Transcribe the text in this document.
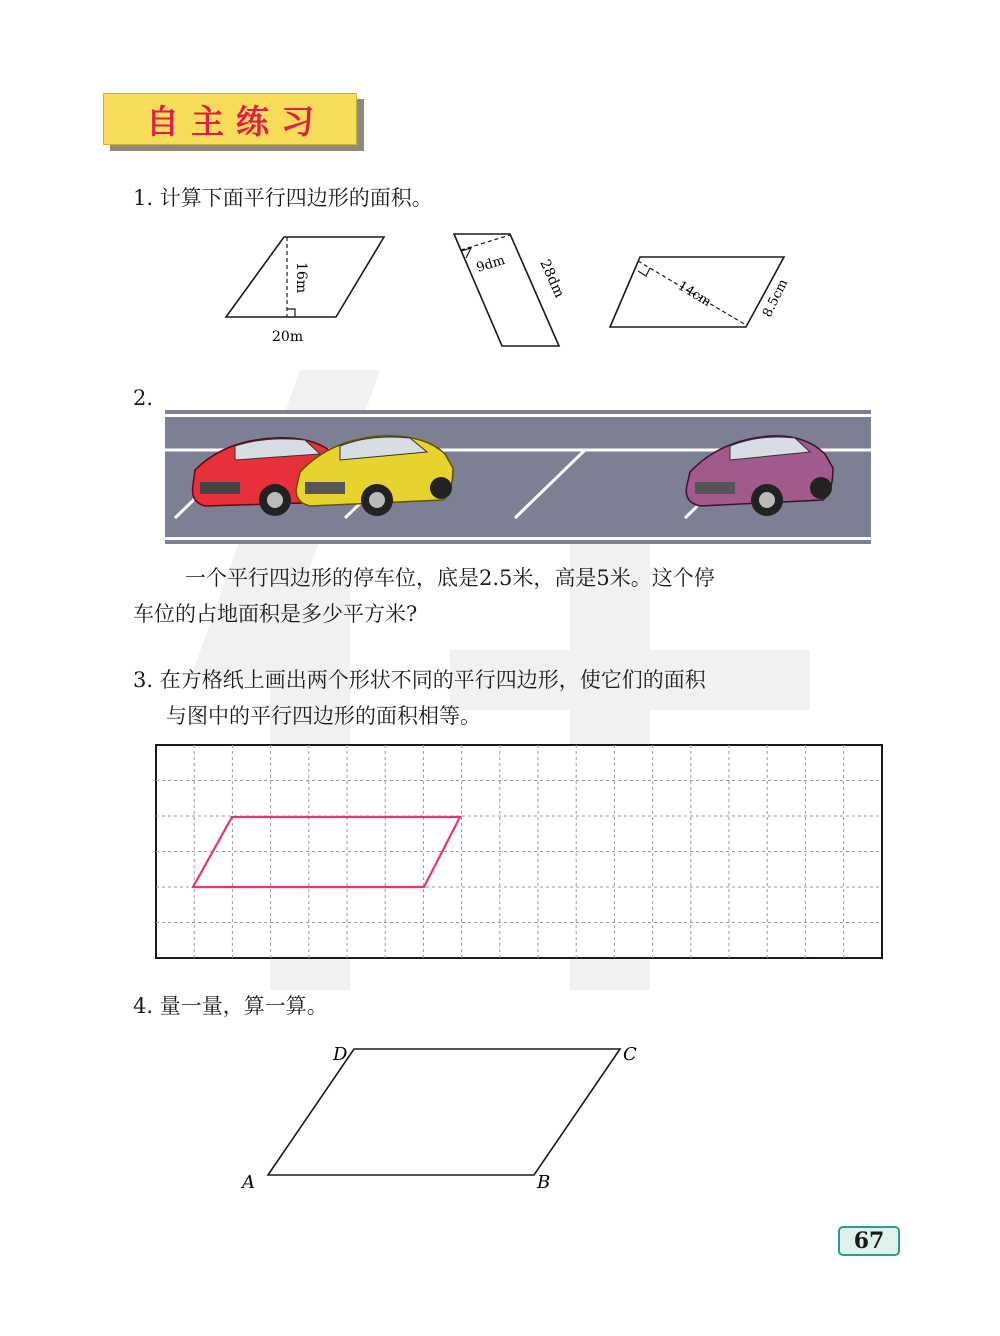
自主练习
1. 计算下面平行四边形的面积。
16m
20m
9dm 28dm	14cm	8.5cm
2.
一个平行四边形的停车位，底是2.5米，高是5米。这个停
车位的占地面积是多少平方米?
3. 在方格纸上画出两个形状不同的平行四边形，使它们的面积
与图中的平行四边形的面积相等。
4. 量一量，算一算。
A	B
C
D
67
